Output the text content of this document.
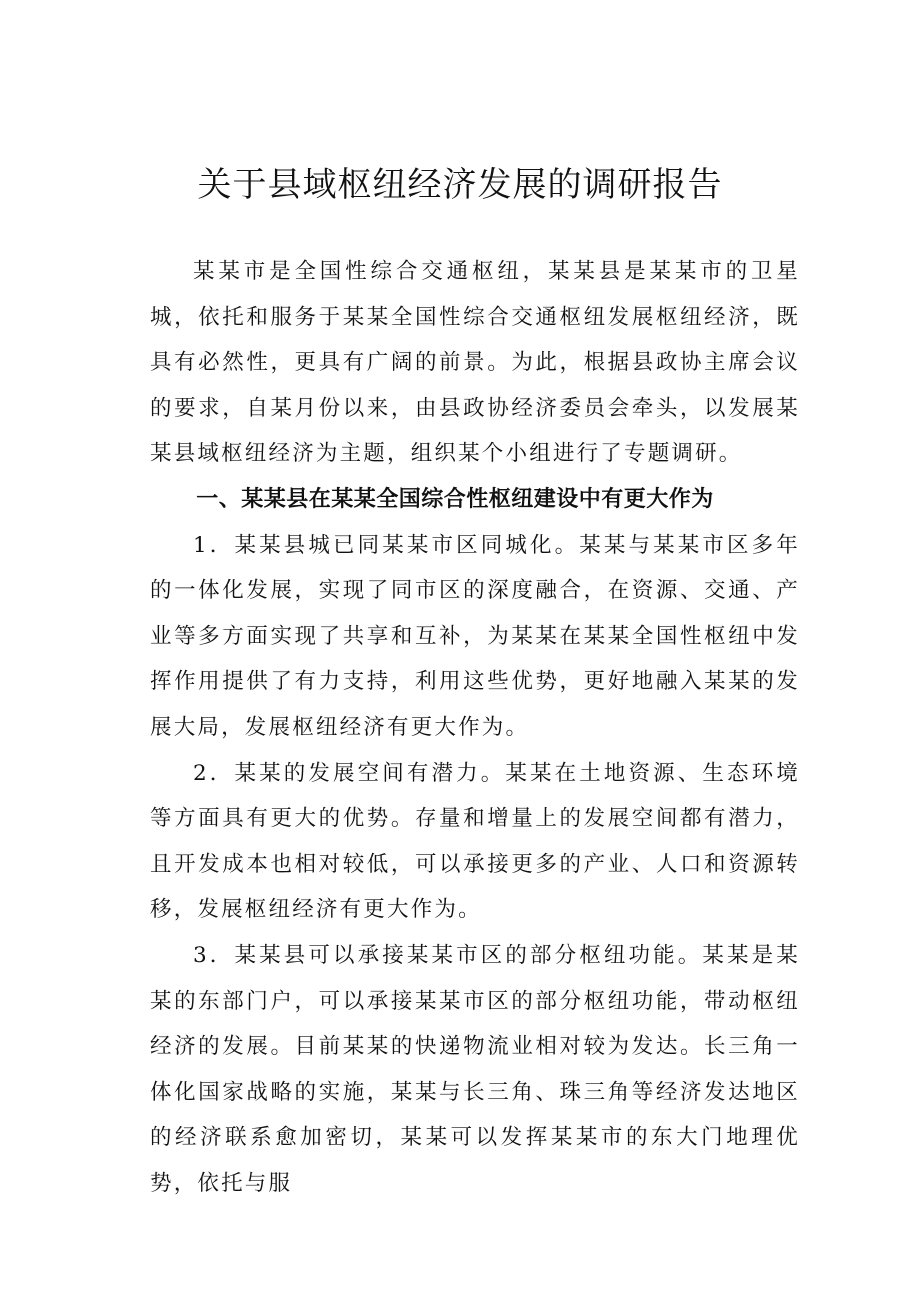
关于县域枢纽经济发展的调研报告

某某市是全国性综合交通枢纽，某某县是某某市的卫星城，依托和服务于某某全国性综合交通枢纽发展枢纽经济，既具有必然性，更具有广阔的前景。为此，根据县政协主席会议的要求，自某月份以来，由县政协经济委员会牵头，以发展某某县域枢纽经济为主题，组织某个小组进行了专题调研。

一、某某县在某某全国综合性枢纽建设中有更大作为

1．某某县城已同某某市区同城化。某某与某某市区多年的一体化发展，实现了同市区的深度融合，在资源、交通、产业等多方面实现了共享和互补，为某某在某某全国性枢纽中发挥作用提供了有力支持，利用这些优势，更好地融入某某的发展大局，发展枢纽经济有更大作为。

2．某某的发展空间有潜力。某某在土地资源、生态环境等方面具有更大的优势。存量和增量上的发展空间都有潜力，且开发成本也相对较低，可以承接更多的产业、人口和资源转移，发展枢纽经济有更大作为。

3．某某县可以承接某某市区的部分枢纽功能。某某是某某的东部门户，可以承接某某市区的部分枢纽功能，带动枢纽经济的发展。目前某某的快递物流业相对较为发达。长三角一体化国家战略的实施，某某与长三角、珠三角等经济发达地区的经济联系愈加密切，某某可以发挥某某市的东大门地理优势，依托与服
